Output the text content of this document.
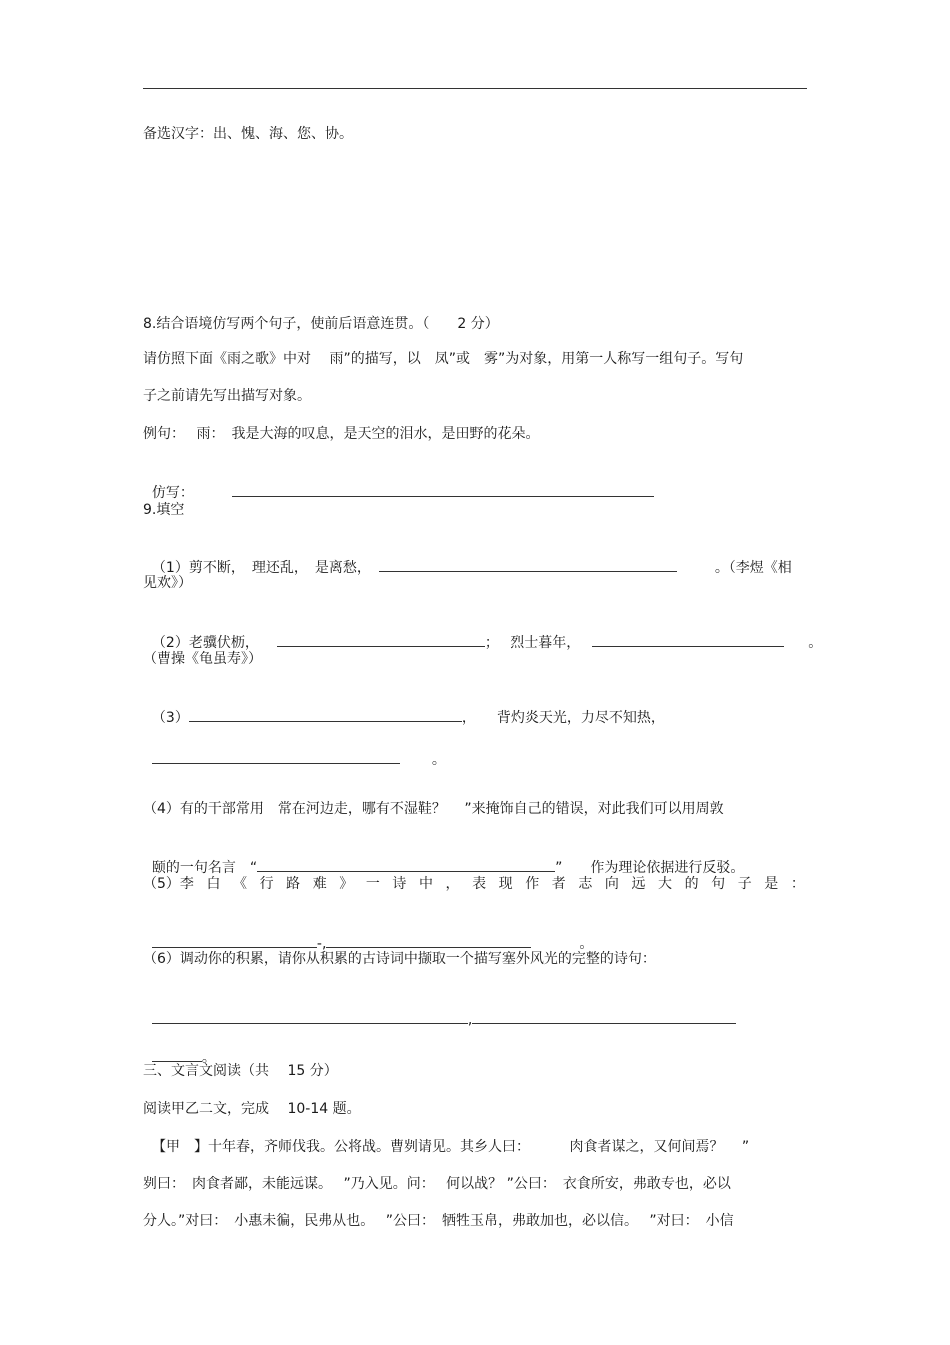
备选汉字：出、愧、海、您、协。
8.结合语境仿写两个句子，使前后语意连贯。（　　2 分）
请仿照下面《雨之歌》中对　 雨”的描写，以　凤”或　雾”为对象，用第一人称写一组句子。写句
子之前请先写出描写对象。
例句：　 雨：　我是大海的叹息，是天空的泪水，是田野的花朵。

仿写：

9.填空

（1）剪不断，　理还乱，　是离愁，	。（李煜《相

见欢》）

（2）老骥伏枥，	；　 烈士暮年，	。

（曹操《龟虽寿》）

（3）	，　　背灼炎天光，力尽不知热，

。

（4）有的干部常用　常在河边走，哪有不湿鞋？　 ”来掩饰自己的错误，对此我们可以用周敦

颐的一句名言　“	”　　作为理论依据进行反驳。

（5）李 白 《 行 路 难 》 一 诗 中 ， 表 现 作 者 志 向 远 大 的 句 子 是 ：

-,	。

（6）调动你的积累，请你从积累的古诗词中撷取一个描写塞外风光的完整的诗句：

,

。

三、文言文阅读（共　 15 分）
阅读甲乙二文，完成　 10-14 题。
【甲　】十年春，齐师伐我。公将战。曹刿请见。其乡人曰：　　　 肉食者谋之，又何间焉？　 ”
刿曰：　肉食者鄙，未能远谋。　 ”乃入见。问：　 何以战？ ”公曰：　衣食所安，弗敢专也，必以
分人。”对曰：　小惠未徧，民弗从也。　 ”公曰：　牺牲玉帛，弗敢加也，必以信。　 ”对曰：　小信
